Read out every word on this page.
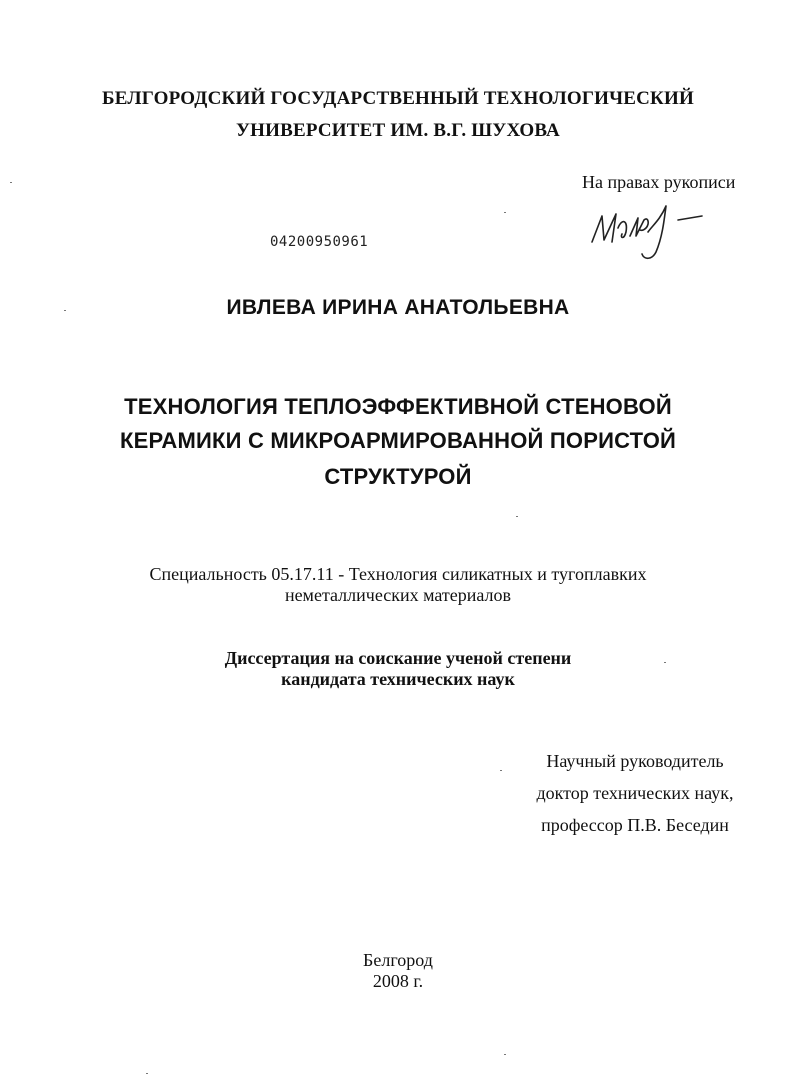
БЕЛГОРОДСКИЙ ГОСУДАРСТВЕННЫЙ ТЕХНОЛОГИЧЕСКИЙ
УНИВЕРСИТЕТ ИМ. В.Г. ШУХОВА
На правах рукописи
04200950961
ИВЛЕВА ИРИНА АНАТОЛЬЕВНА
ТЕХНОЛОГИЯ ТЕПЛОЭФФЕКТИВНОЙ СТЕНОВОЙ
КЕРАМИКИ С МИКРОАРМИРОВАННОЙ ПОРИСТОЙ
СТРУКТУРОЙ
Специальность 05.17.11 - Технология силикатных и тугоплавких
неметаллических материалов
Диссертация на соискание ученой степени
кандидата технических наук
Научный руководитель
доктор технических наук,
профессор П.В. Беседин
Белгород
2008 г.
